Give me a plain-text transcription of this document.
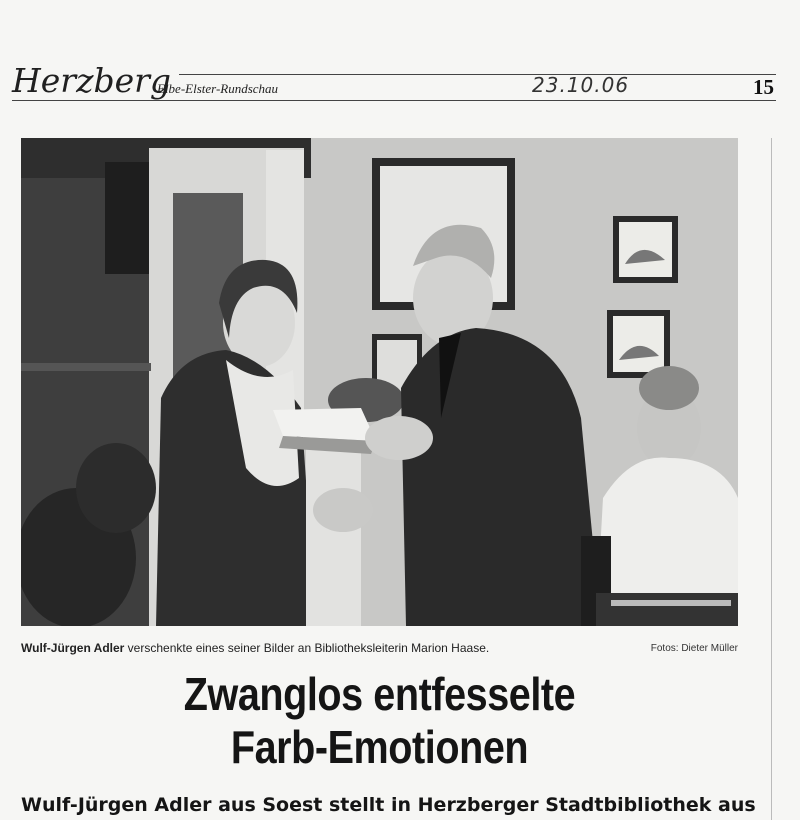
Herzberg
Elbe-Elster-Rundschau	23.10.06	15
Wulf-Jürgen Adler verschenkte eines seiner Bilder an Bibliotheksleiterin Marion Haase.	Fotos: Dieter Müller
Zwanglos entfesselte
Farb-Emotionen
Wulf-Jürgen Adler aus Soest stellt in Herzberger Stadtbibliothek aus
